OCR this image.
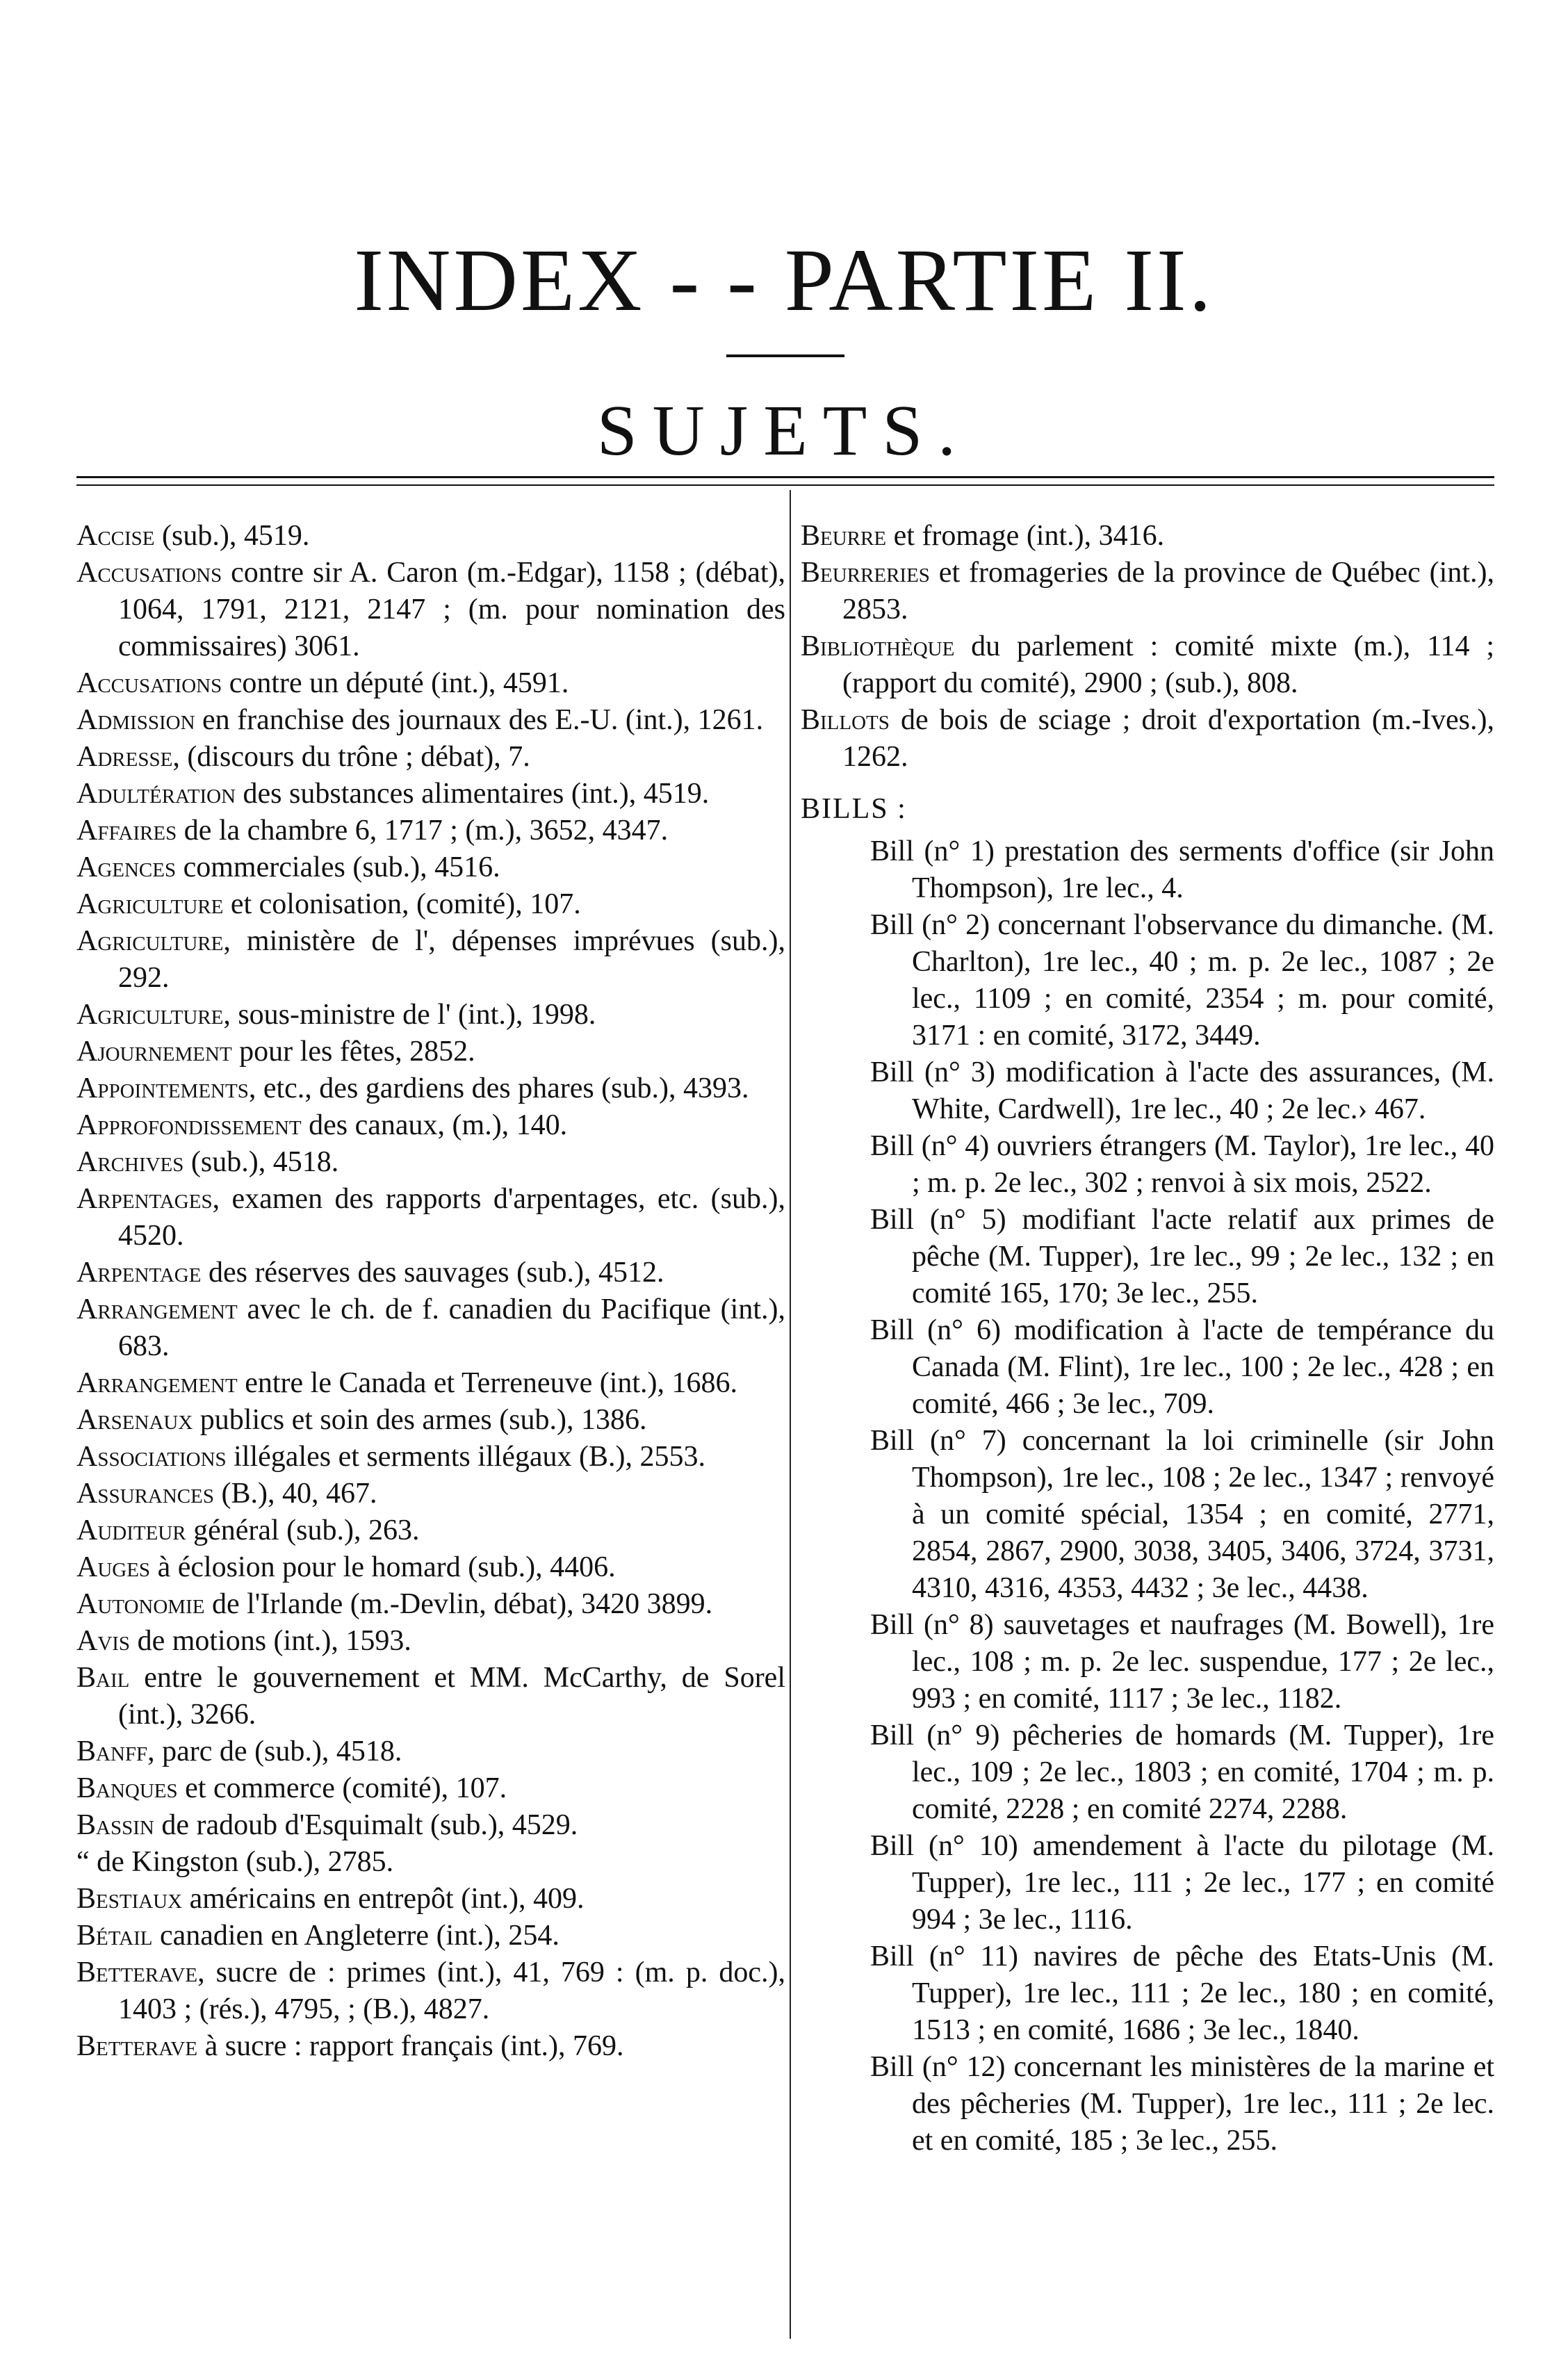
INDEX - - PARTIE II.
SUJETS.

Accise (sub.), 4519.

Accusations contre sir A. Caron (m.-Edgar), 1158 ; (débat), 1064, 1791, 2121, 2147 ; (m. pour nomination des commissaires) 3061.

Accusations contre un député (int.), 4591.

Admission en franchise des journaux des E.-U. (int.), 1261.

Adresse, (discours du trône ; débat), 7.

Adultération des substances alimentaires (int.), 4519.

Affaires de la chambre 6, 1717 ; (m.), 3652, 4347.

Agences commerciales (sub.), 4516.

Agriculture et colonisation, (comité), 107.

Agriculture, ministère de l', dépenses imprévues (sub.), 292.

Agriculture, sous-ministre de l' (int.), 1998.

Ajournement pour les fêtes, 2852.

Appointements, etc., des gardiens des phares (sub.), 4393.

Approfondissement des canaux, (m.), 140.

Archives (sub.), 4518.

Arpentages, examen des rapports d'arpentages, etc. (sub.), 4520.

Arpentage des réserves des sauvages (sub.), 4512.

Arrangement avec le ch. de f. canadien du Pacifique (int.), 683.

Arrangement entre le Canada et Terreneuve (int.), 1686.

Arsenaux publics et soin des armes (sub.), 1386.

Associations illégales et serments illégaux (B.), 2553.

Assurances (B.), 40, 467.

Auditeur général (sub.), 263.

Auges à éclosion pour le homard (sub.), 4406.

Autonomie de l'Irlande (m.-Devlin, débat), 3420 3899.

Avis de motions (int.), 1593.

Bail entre le gouvernement et MM. McCarthy, de Sorel (int.), 3266.

Banff, parc de (sub.), 4518.

Banques et commerce (comité), 107.

Bassin de radoub d'Esquimalt (sub.), 4529.

“ de Kingston (sub.), 2785.

Bestiaux américains en entrepôt (int.), 409.

Bétail canadien en Angleterre (int.), 254.

Betterave, sucre de : primes (int.), 41, 769 : (m. p. doc.), 1403 ; (rés.), 4795, ; (B.), 4827.

Betterave à sucre : rapport français (int.), 769.

Beurre et fromage (int.), 3416.

Beurreries et fromageries de la province de Québec (int.), 2853.

Bibliothèque du parlement : comité mixte (m.), 114 ; (rapport du comité), 2900 ; (sub.), 808.

Billots de bois de sciage ; droit d'exportation (m.-Ives.), 1262.

BILLS :

Bill (n° 1) prestation des serments d'office (sir John Thompson), 1re lec., 4.

Bill (n° 2) concernant l'observance du dimanche. (M. Charlton), 1re lec., 40 ; m. p. 2e lec., 1087 ; 2e lec., 1109 ; en comité, 2354 ; m. pour comité, 3171 : en comité, 3172, 3449.

Bill (n° 3) modification à l'acte des assurances, (M. White, Cardwell), 1re lec., 40 ; 2e lec.› 467.

Bill (n° 4) ouvriers étrangers (M. Taylor), 1re lec., 40 ; m. p. 2e lec., 302 ; renvoi à six mois, 2522.

Bill (n° 5) modifiant l'acte relatif aux primes de pêche (M. Tupper), 1re lec., 99 ; 2e lec., 132 ; en comité 165, 170; 3e lec., 255.

Bill (n° 6) modification à l'acte de tempérance du Canada (M. Flint), 1re lec., 100 ; 2e lec., 428 ; en comité, 466 ; 3e lec., 709.

Bill (n° 7) concernant la loi criminelle (sir John Thompson), 1re lec., 108 ; 2e lec., 1347 ; renvoyé à un comité spécial, 1354 ; en comité, 2771, 2854, 2867, 2900, 3038, 3405, 3406, 3724, 3731, 4310, 4316, 4353, 4432 ; 3e lec., 4438.

Bill (n° 8) sauvetages et naufrages (M. Bowell), 1re lec., 108 ; m. p. 2e lec. suspendue, 177 ; 2e lec., 993 ; en comité, 1117 ; 3e lec., 1182.

Bill (n° 9) pêcheries de homards (M. Tupper), 1re lec., 109 ; 2e lec., 1803 ; en comité, 1704 ; m. p. comité, 2228 ; en comité 2274, 2288.

Bill (n° 10) amendement à l'acte du pilotage (M. Tupper), 1re lec., 111 ; 2e lec., 177 ; en comité 994 ; 3e lec., 1116.

Bill (n° 11) navires de pêche des Etats-Unis (M. Tupper), 1re lec., 111 ; 2e lec., 180 ; en comité, 1513 ; en comité, 1686 ; 3e lec., 1840.

Bill (n° 12) concernant les ministères de la marine et des pêcheries (M. Tupper), 1re lec., 111 ; 2e lec. et en comité, 185 ; 3e lec., 255.
